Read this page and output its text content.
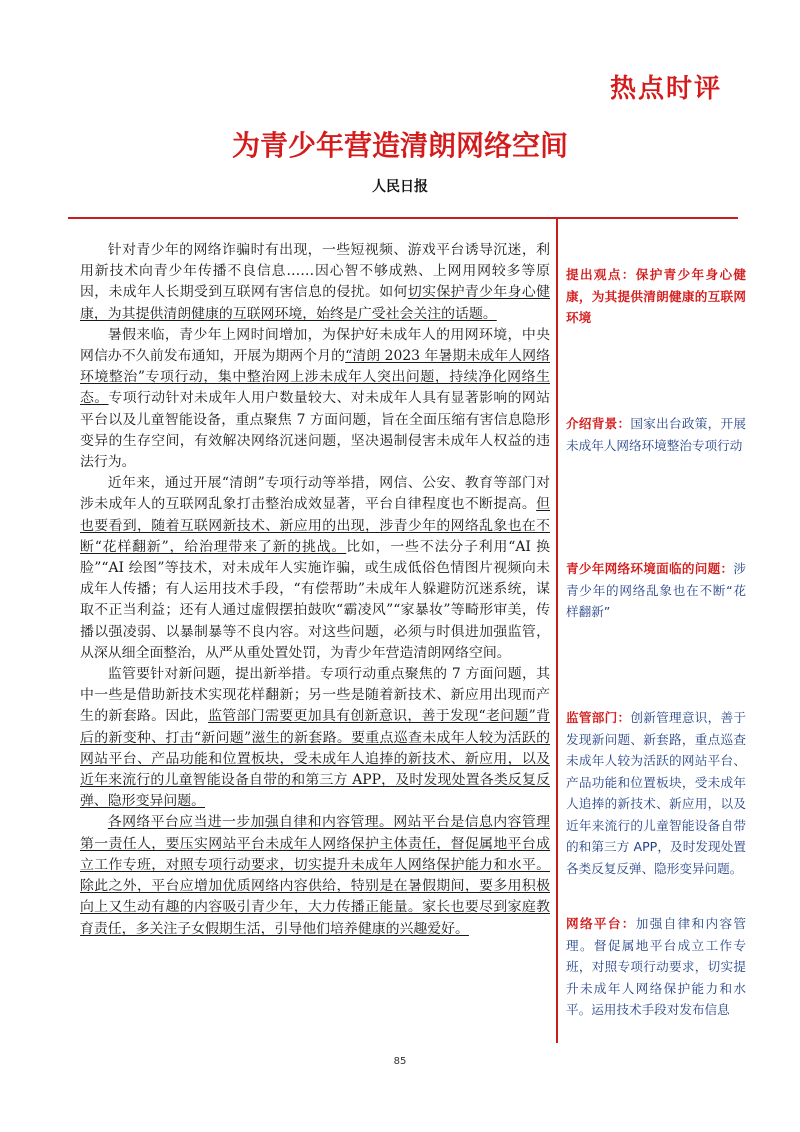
热点时评
为青少年营造清朗网络空间
人民日报

针对青少年的网络诈骗时有出现，一些短视频、游戏平台诱导沉迷，利用新技术向青少年传播不良信息……因心智不够成熟、上网用网较多等原因，未成年人长期受到互联网有害信息的侵扰。如何切实保护青少年身心健康，为其提供清朗健康的互联网环境，始终是广受社会关注的话题。

暑假来临，青少年上网时间增加，为保护好未成年人的用网环境，中央网信办不久前发布通知，开展为期两个月的“清朗 2023 年暑期未成年人网络环境整治”专项行动，集中整治网上涉未成年人突出问题，持续净化网络生态。专项行动针对未成年人用户数量较大、对未成年人具有显著影响的网站平台以及儿童智能设备，重点聚焦 7 方面问题，旨在全面压缩有害信息隐形变异的生存空间，有效解决网络沉迷问题，坚决遏制侵害未成年人权益的违法行为。

近年来，通过开展“清朗”专项行动等举措，网信、公安、教育等部门对涉未成年人的互联网乱象打击整治成效显著，平台自律程度也不断提高。但也要看到，随着互联网新技术、新应用的出现，涉青少年的网络乱象也在不断“花样翻新”，给治理带来了新的挑战。比如，一些不法分子利用“AI 换脸”“AI 绘图”等技术，对未成年人实施诈骗，或生成低俗色情图片视频向未成年人传播；有人运用技术手段，“有偿帮助”未成年人躲避防沉迷系统，谋取不正当利益；还有人通过虚假摆拍鼓吹“霸凌风”“家暴妆”等畸形审美，传播以强凌弱、以暴制暴等不良内容。对这些问题，必须与时俱进加强监管，从深从细全面整治，从严从重处置处罚，为青少年营造清朗网络空间。

监管要针对新问题，提出新举措。专项行动重点聚焦的 7 方面问题，其中一些是借助新技术实现花样翻新；另一些是随着新技术、新应用出现而产生的新套路。因此，监管部门需要更加具有创新意识，善于发现“老问题”背后的新变种、打击“新问题”滋生的新套路。要重点巡查未成年人较为活跃的网站平台、产品功能和位置板块，受未成年人追捧的新技术、新应用，以及近年来流行的儿童智能设备自带的和第三方 APP，及时发现处置各类反复反弹、隐形变异问题。

各网络平台应当进一步加强自律和内容管理。网站平台是信息内容管理第一责任人，要压实网站平台未成年人网络保护主体责任，督促属地平台成立工作专班，对照专项行动要求，切实提升未成年人网络保护能力和水平。除此之外，平台应增加优质网络内容供给，特别是在暑假期间，要多用积极向上又生动有趣的内容吸引青少年，大力传播正能量。家长也要尽到家庭教育责任，多关注子女假期生活，引导他们培养健康的兴趣爱好。

提出观点：保护青少年身心健康，为其提供清朗健康的互联网环境
介绍背景：国家出台政策，开展未成年人网络环境整治专项行动
青少年网络环境面临的问题：涉青少年的网络乱象也在不断“花样翻新”
监管部门：创新管理意识，善于发现新问题、新套路，重点巡查未成年人较为活跃的网站平台、产品功能和位置板块，受未成年人追捧的新技术、新应用，以及近年来流行的儿童智能设备自带的和第三方 APP，及时发现处置各类反复反弹、隐形变异问题。
网络平台：加强自律和内容管理。督促属地平台成立工作专班，对照专项行动要求，切实提升未成年人网络保护能力和水平。运用技术手段对发布信息
85
